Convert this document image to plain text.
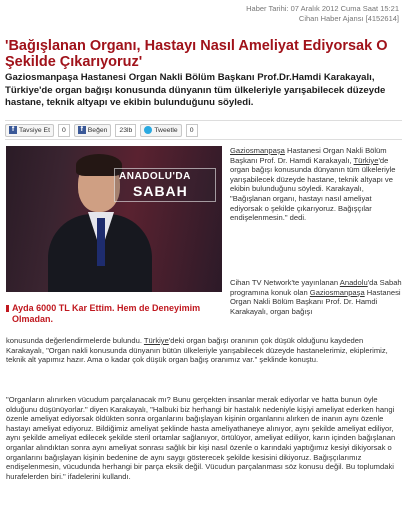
Haber Tarihi: 07 Aralık 2012 Cuma Saat 15:21
Cihan Haber Ajansı [4152614]
'Bağışlanan Organı, Hastayı Nasıl Ameliyat Ediyorsak O Şekilde Çıkarıyoruz'

Gaziosmanpaşa Hastanesi Organ Nakli Bölüm Başkanı Prof.Dr.Hamdi Karakayalı, Türkiye'de organ bağışı konusunda dünyanın tüm ülkeleriyle yarışabilecek düzeyde hastane, teknik altyapı ve ekibin bulunduğunu söyledi.

f Tavsiye Et	0	f Beğen	23lb	Tweetle	0
ANADOLU'DA
SABAH
Ayda 6000 TL Kar Ettim. Hem de Deneyimim
Olmadan.

Gaziosmanpaşa Hastanesi Organ Nakli Bölüm Başkanı Prof. Dr. Hamdi Karakayalı, Türkiye'de organ bağışı konusunda dünyanın tüm ülkeleriyle yarışabilecek düzeyde hastane, teknik altyapı ve ekibin bulunduğunu söyledi. Karakayalı, "Bağışlanan organı, hastayı nasıl ameliyat ediyorsak o şekilde çıkarıyoruz. Bağışçılar endişelenmesin." dedi.

Cihan TV Network'te yayınlanan Anadolu'da Sabah programına konuk olan Gaziosmanpaşa Hastanesi Organ Nakli Bölüm Başkanı Prof. Dr. Hamdi Karakayalı, organ bağışı

konusunda değerlendirmelerde bulundu. Türkiye'deki organ bağışı oranının çok düşük olduğunu kaydeden Karakayalı, "Organ nakli konusunda dünyanın bütün ülkeleriyle yarışabilecek düzeyde hastanelerimiz, ekiplerimiz, teknik alt yapımız hazır. Ama o kadar çok düşük organ bağış oranımız var." şeklinde konuştu.

"Organların alınırken vücudum parçalanacak mı? Bunu gerçekten insanlar merak ediyorlar ve hatta bunun öyle olduğunu düşünüyorlar." diyen Karakayalı, "Halbuki biz herhangi bir hastalık nedeniyle kişiyi ameliyat ederken hangi özenle ameliyat ediyorsak öldükten sonra organlarını bağışlayan kişinin organlarını alırken de inanın aynı özenle hastayı ameliyat ediyoruz. Bildiğimiz ameliyat şeklinde hasta ameliyathaneye alınıyor, aynı şekilde ameliyat ediliyor, aynı şekilde ameliyat edilecek şekilde steril ortamlar sağlanıyor, örtülüyor, ameliyat ediliyor, karın içinden bağışlanan organlar alındıktan sonra aynı ameliyat sonrası sağlık bir kişi nasıl özenle o karındaki yaptığımız kesiyi dikiyorsak o organlarını bağışlayan kişinin bedenine de aynı saygı gösterecek şekilde kesisini dikiyoruz. Bağışçılarımız endişelenmesin, vücudunda herhangi bir parça eksik değil. Vücudun parçalanması söz konusu değil. Bu toplumdaki hurafelerden biri." ifadelerini kullandı.
